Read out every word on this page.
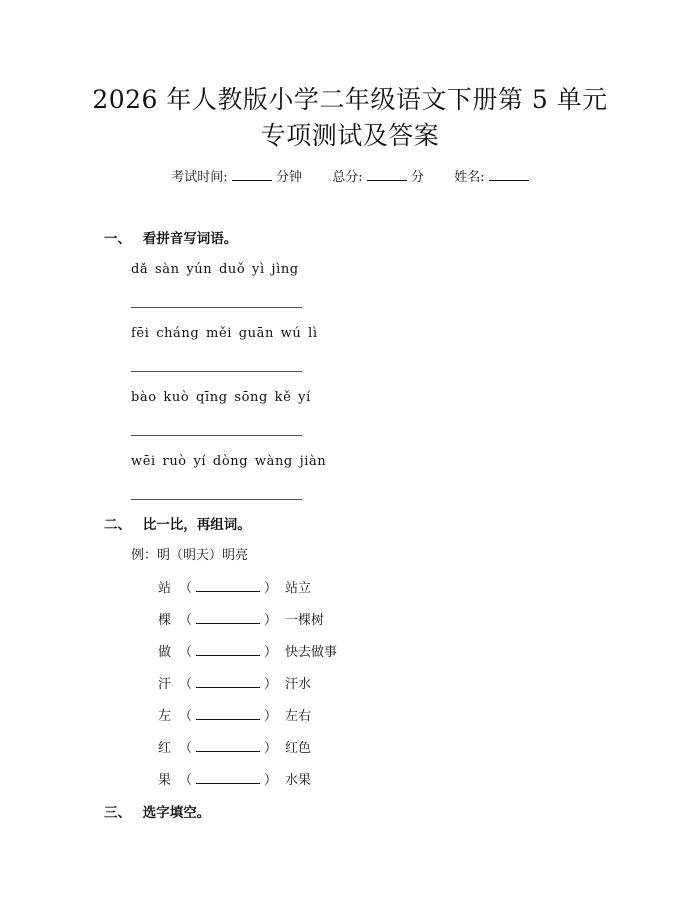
2026 年人教版小学二年级语文下册第 5 单元
专项测试及答案
考试时间:	分钟 总分:	分 姓名:
一、 看拼音写词语。
dǎ sàn yún duǒ yì jìng
fēi cháng měi guān wú lì
bào kuò qīng sōng kě yí
wēi ruò yí dòng wàng jiàn
二、 比一比，再组词。
例：明（明天）明亮
站 （	） 站立
棵 （	） 一棵树
做 （	） 快去做事
汗 （	） 汗水
左 （	） 左右
红 （	） 红色
果 （	） 水果
三、 选字填空。
